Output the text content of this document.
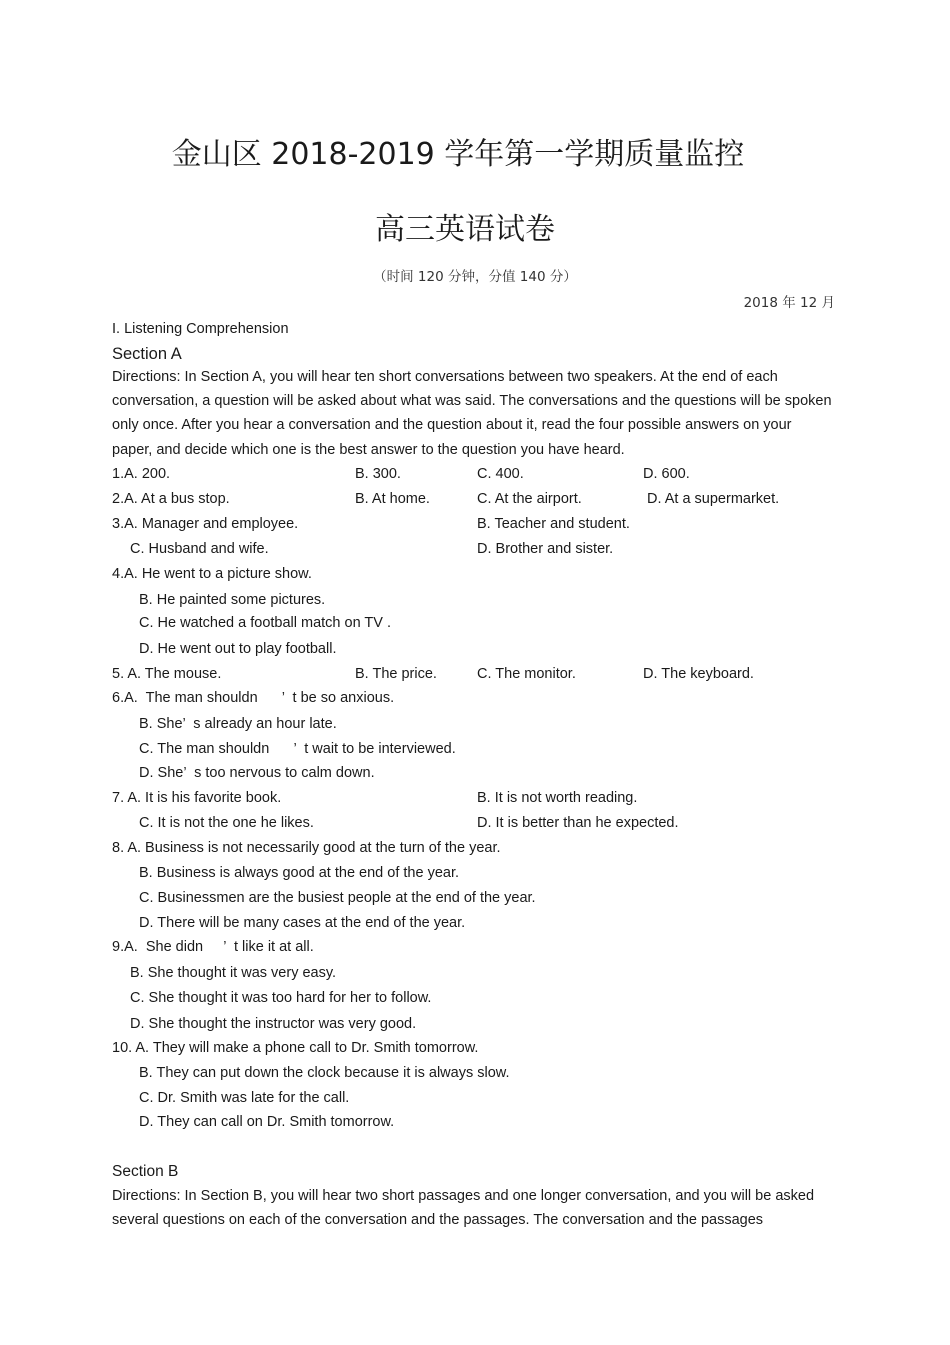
金山区 2018-2019 学年第一学期质量监控
高三英语试卷
（时间 120 分钟，分值 140 分）
2018 年 12 月
I. Listening Comprehension
Section A
Directions: In Section A, you will hear ten short conversations between two speakers. At the end of each conversation, a question will be asked about what was said. The conversations and the questions will be spoken only once. After you hear a conversation and the question about it, read the four possible answers on your paper, and decide which one is the best answer to the question you have heard.
1.A. 200.	B. 300.	C. 400.	D. 600.
2.A. At a bus stop.	B. At home.	C. At the airport.	D. At a supermarket.
3.A. Manager and employee.	B. Teacher and student.
C. Husband and wife.	D. Brother and sister.
4.A. He went to a picture show.
B. He painted some pictures.
C. He watched a football match on TV .
D. He went out to play football.
5. A. The mouse.	B. The price.	C. The monitor.	D. The keyboard.
6.A.  The man shouldn      ’  t be so anxious.
B. She’  s already an hour late.
C. The man shouldn      ’  t wait to be interviewed.
D. She’  s too nervous to calm down.
7. A. It is his favorite book.	B. It is not worth reading.
C. It is not the one he likes.	D. It is better than he expected.
8. A. Business is not necessarily good at the turn of the year.
B. Business is always good at the end of the year.
C. Businessmen are the busiest people at the end of the year.
D. There will be many cases at the end of the year.
9.A.  She didn     ’  t like it at all.
B. She thought it was very easy.
C. She thought it was too hard for her to follow.
D. She thought the instructor was very good.
10. A. They will make a phone call to Dr. Smith tomorrow.
B. They can put down the clock because it is always slow.
C. Dr. Smith was late for the call.
D. They can call on Dr. Smith tomorrow.
Section B
Directions: In Section B, you will hear two short passages and one longer conversation, and you will be asked several questions on each of the conversation and the passages. The conversation and the passages
